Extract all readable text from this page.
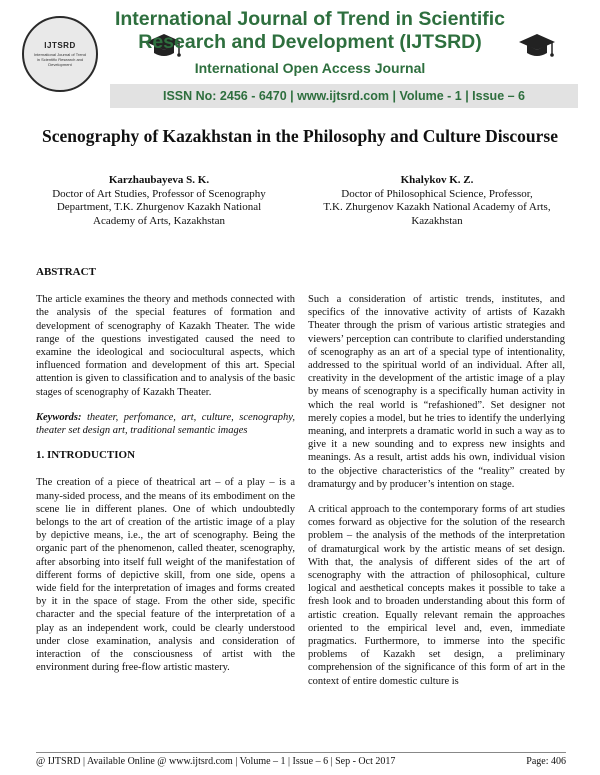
IJTSRD
International Journal of Trend in Scientific Research and Development
International Journal of Trend in Scientific
Research and Development (IJTSRD)
International Open Access Journal
ISSN No: 2456 - 6470 | www.ijtsrd.com | Volume - 1 | Issue – 6
Scenography of Kazakhstan in the Philosophy and Culture Discourse
Karzhaubayeva S. K.
Doctor of Art Studies, Professor of Scenography
Department, T.K. Zhurgenov Kazakh National
Academy of Arts, Kazakhstan
Khalykov K. Z.
Doctor of Philosophical Science, Professor,
T.K. Zhurgenov Kazakh National Academy of Arts,
Kazakhstan
ABSTRACT

The article examines the theory and methods connected with the analysis of the special features of formation and development of scenography of Kazakh Theater. The wide range of the questions investigated caused the need to examine the ideological and sociocultural aspects, which influenced formation and development of this art. Special attention is given to classification and to analysis of the basic stages of scenography of Kazakh Theater.

Keywords: theater, perfomance, art, culture, scenography, theater set design art, traditional semantic images

1. INTRODUCTION

The creation of a piece of theatrical art – of a play – is a many-sided process, and the means of its embodiment on the scene lie in different planes. One of which undoubtedly belongs to the art of creation of the artistic image of a play by depictive means, i.e., the art of scenography. Being the organic part of the phenomenon, called theater, scenography, after absorbing into itself full weight of the manifestation of different forms of depictive skill, from one side, opens a wide field for the interpretation of images and forms created by it in the space of stage. From the other side, specific character and the special feature of the interpretation of a play as an independent work, could be clearly understood under close examination, analysis and consideration of interaction of the consciousness of artist with the environment during free-flow artistic mastery.

Such a consideration of artistic trends, institutes, and specifics of the innovative activity of artists of Kazakh Theater through the prism of various artistic strategies and viewers’ perception can contribute to clarified understanding of scenography as an art of a special type of intentionality, addressed to the spiritual world of an individual. After all, creativity in the development of the artistic image of a play by means of scenography is a specifically human activity in which the real world is “refashioned”. Set designer not merely copies a model, but he tries to identify the underlying meaning, and interprets a dramatic world in such a way as to give it a new sounding and to express new insights and meanings. As a result, artist adds his own, individual vision to the objective characteristics of the “reality” created by dramaturgy and by producer’s intention on stage.

A critical approach to the contemporary forms of art studies comes forward as objective for the solution of the research problem – the analysis of the methods of the interpretation of dramaturgical work by the artistic means of set design. With that, the analysis of different sides of the art of scenography with the attraction of philosophical, culture logical and aesthetical concepts makes it possible to take a fresh look and to broaden understanding about this form of artistic creation. Equally relevant remain the approaches oriented to the empirical level and, even, immediate pragmatics. Furthermore, to immerse into the specific problems of Kazakh set design, a preliminary comprehension of the significance of this form of art in the context of entire domestic culture is

@ IJTSRD | Available Online @ www.ijtsrd.com | Volume – 1 | Issue – 6 | Sep - Oct 2017	Page: 406
